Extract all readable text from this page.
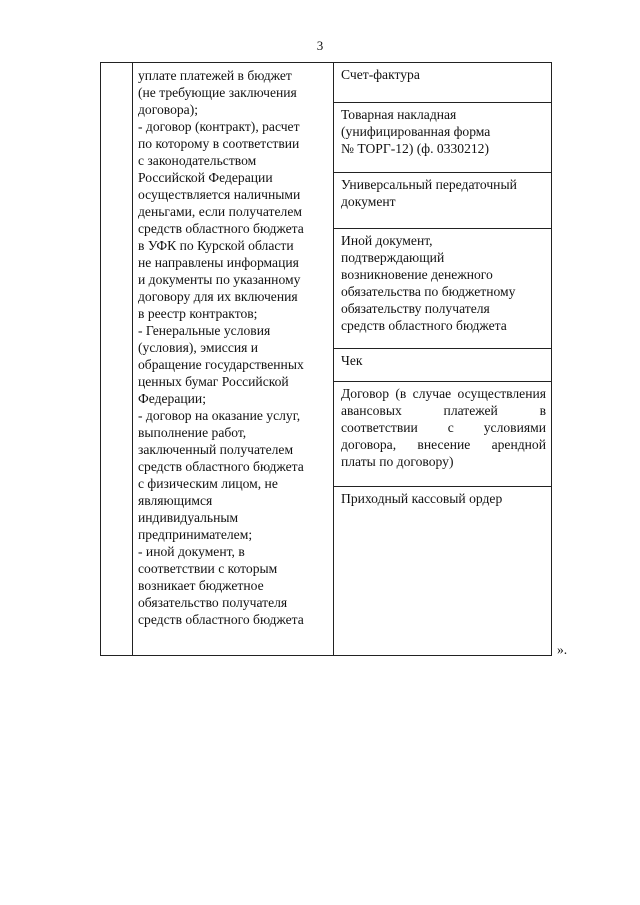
3
уплате платежей в бюджет
(не требующие заключения
договора);
- договор (контракт), расчет
по которому в соответствии
с законодательством
Российской Федерации
осуществляется наличными
деньгами, если получателем
средств областного бюджета
в УФК по Курской области
не направлены информация
и документы по указанному
договору для их включения
в реестр контрактов;
- Генеральные условия
(условия), эмиссия и
обращение государственных
ценных бумаг Российской
Федерации;
- договор на оказание услуг,
выполнение работ,
заключенный получателем
средств областного бюджета
с физическим лицом, не
являющимся
индивидуальным
предпринимателем;
- иной документ, в
соответствии с которым
возникает бюджетное
обязательство получателя
средств областного бюджета
Счет-фактура
Товарная накладная
(унифицированная форма
№ ТОРГ-12) (ф. 0330212)
Универсальный передаточный
документ
Иной документ,
подтверждающий
возникновение денежного
обязательства по бюджетному
обязательству получателя
средств областного бюджета
Чек
Договор (в случае осуществления авансовых платежей в соответствии с условиями договора, внесение арендной платы по договору)
Приходный кассовый ордер
».
